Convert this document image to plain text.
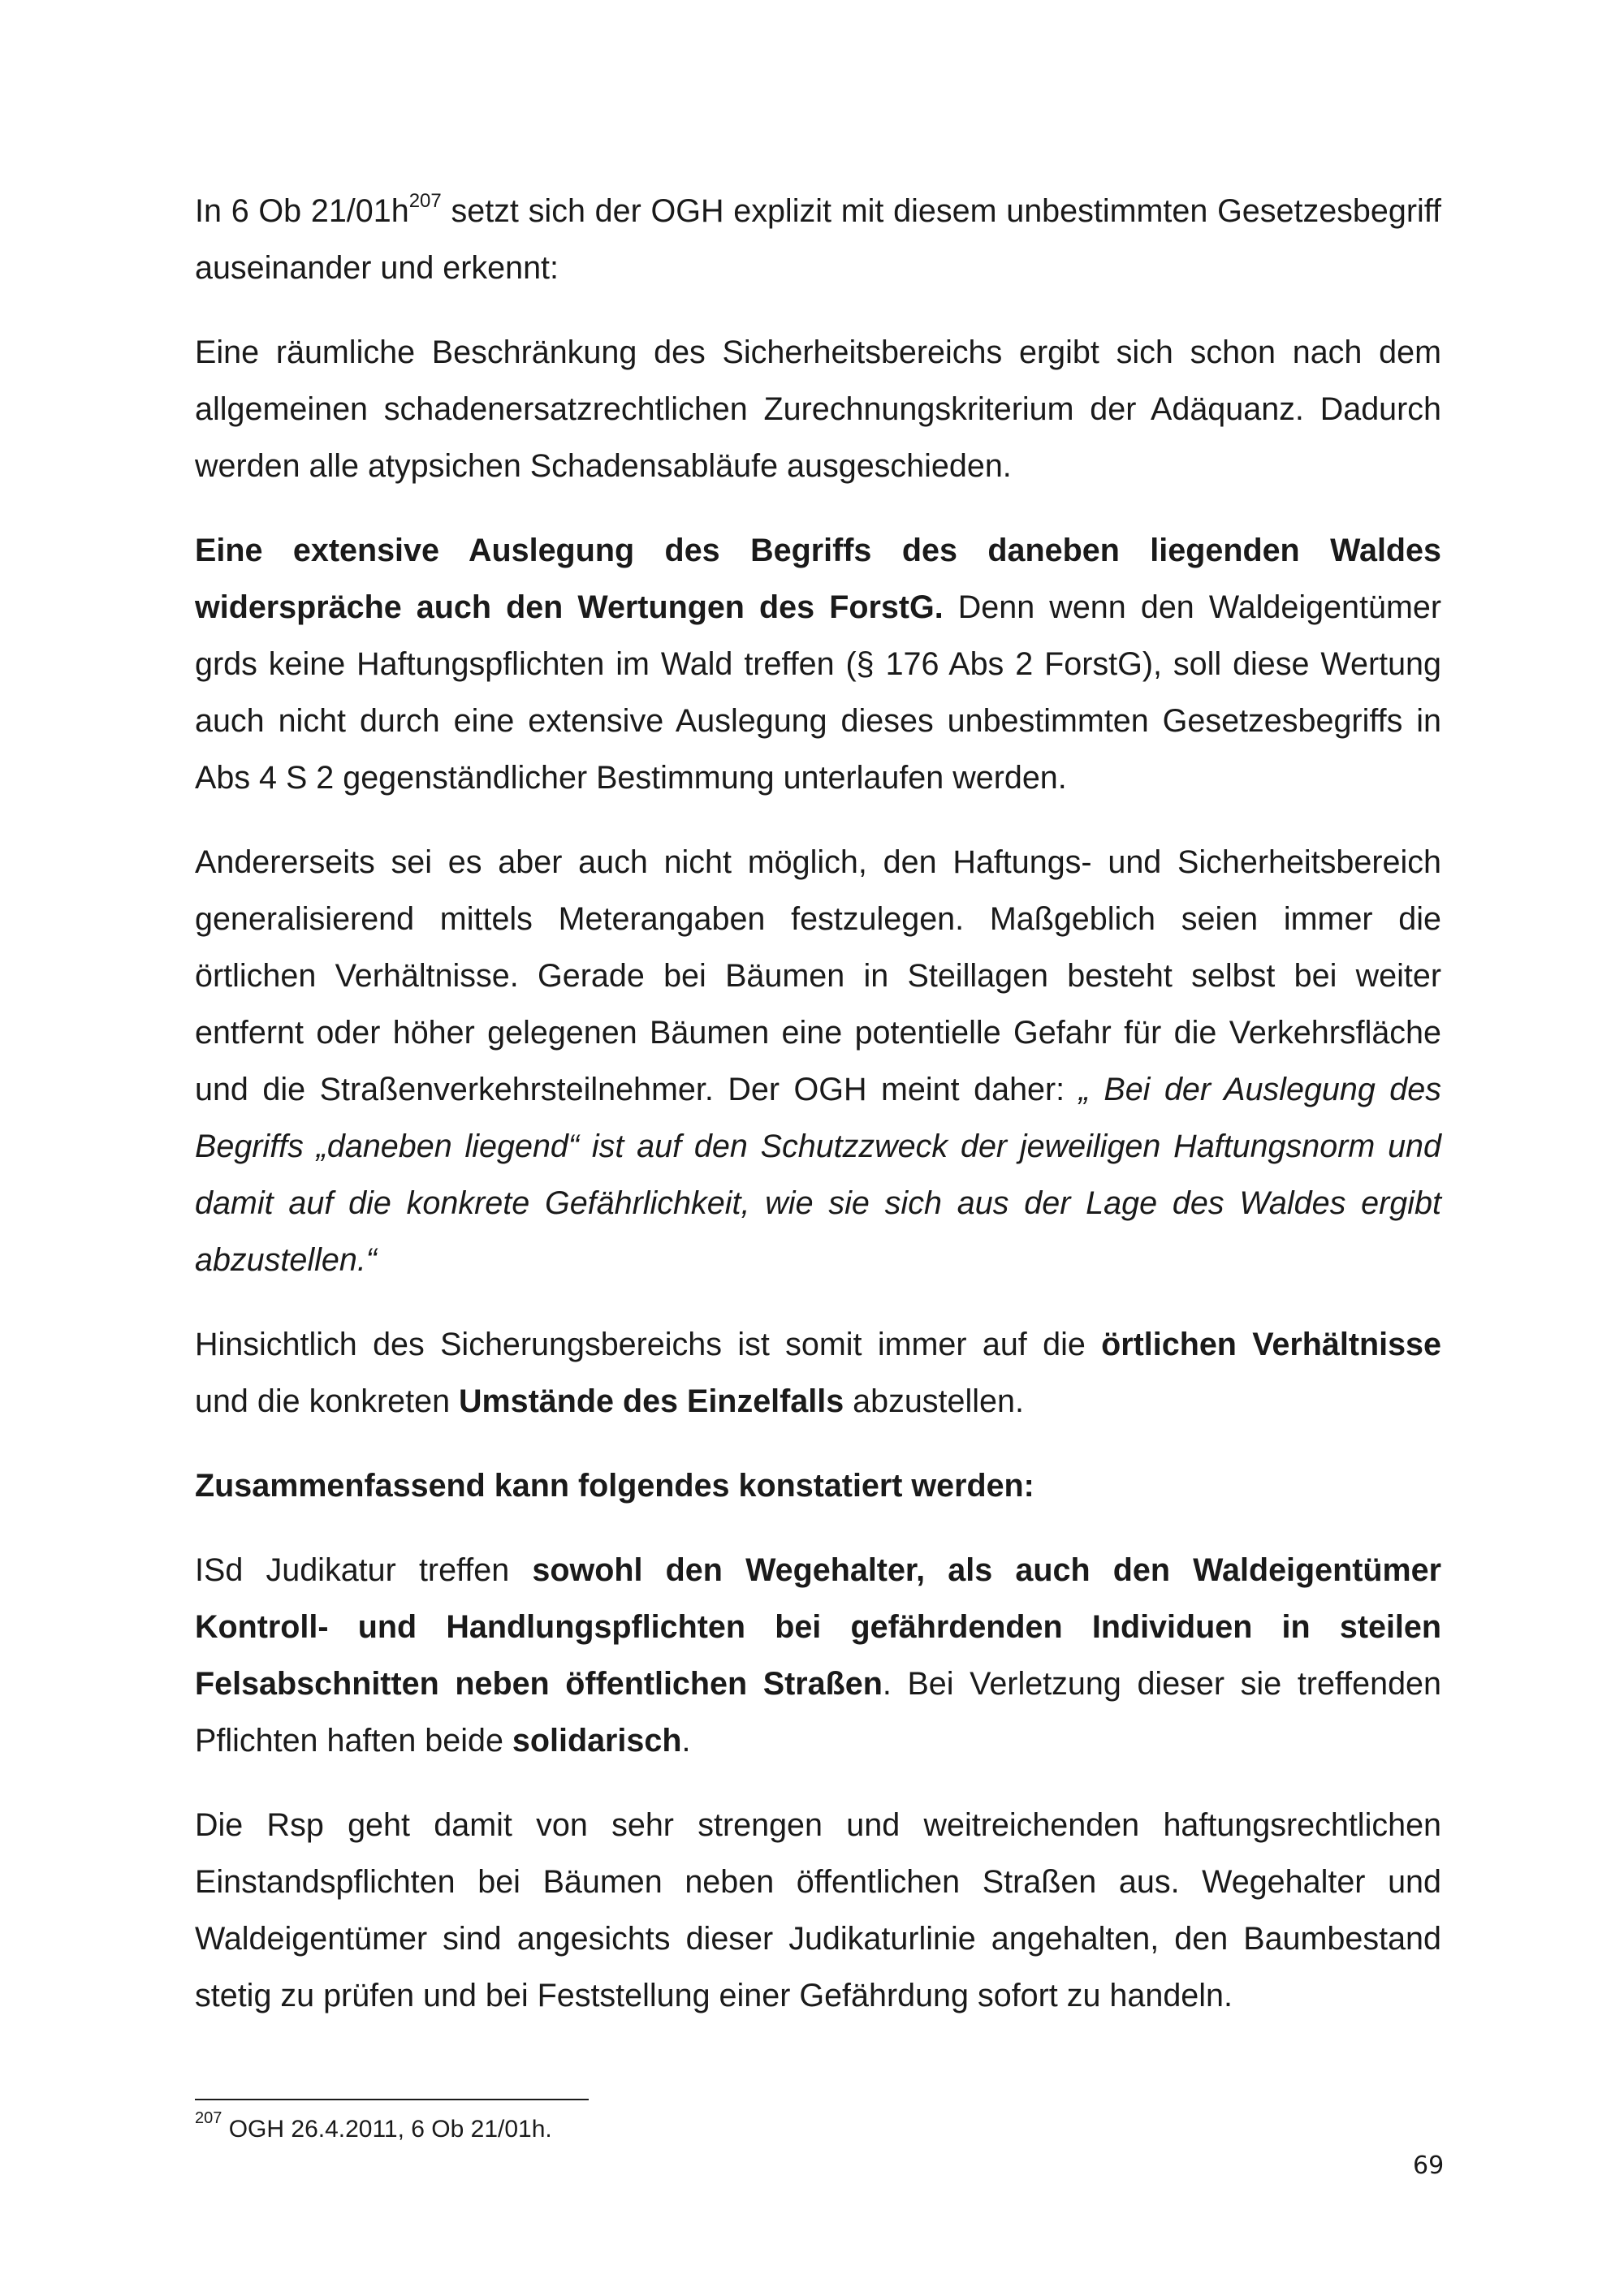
In 6 Ob $21/01h^{207}$ setzt sich der OGH explizit mit diesem unbestimmten Gesetzesbegriff auseinander und erkennt:

Eine räumliche Beschränkung des Sicherheitsbereichs ergibt sich schon nach dem allgemeinen schadenersatzrechtlichen Zurechnungskriterium der Adäquanz. Dadurch werden alle atypsichen Schadensabläufe ausgeschieden.

Eine extensive Auslegung des Begriffs des daneben liegenden Waldes widerspräche auch den Wertungen des ForstG. Denn wenn den Waldeigentümer grds keine Haftungspflichten im Wald treffen (§ 176 Abs 2 ForstG), soll diese Wertung auch nicht durch eine extensive Auslegung dieses unbestimmten Gesetzesbegriffs in Abs 4 S 2 gegenständlicher Bestimmung unterlaufen werden.

Andererseits sei es aber auch nicht möglich, den Haftungs- und Sicherheitsbereich generalisierend mittels Meterangaben festzulegen. Maßgeblich seien immer die örtlichen Verhältnisse. Gerade bei Bäumen in Steillagen besteht selbst bei weiter entfernt oder höher gelegenen Bäumen eine potentielle Gefahr für die Verkehrsfläche und die Straßenverkehrsteilnehmer. Der OGH meint daher: „ Bei der Auslegung des Begriffs „daneben liegend“ ist auf den Schutzzweck der jeweiligen Haftungsnorm und damit auf die konkrete Gefährlichkeit, wie sie sich aus der Lage des Waldes ergibt abzustellen.“

Hinsichtlich des Sicherungsbereichs ist somit immer auf die örtlichen Verhältnisse und die konkreten Umstände des Einzelfalls abzustellen.

Zusammenfassend kann folgendes konstatiert werden:

ISd Judikatur treffen sowohl den Wegehalter, als auch den Waldeigentümer Kontroll- und Handlungspflichten bei gefährdenden Individuen in steilen Felsabschnitten neben öffentlichen Straßen. Bei Verletzung dieser sie treffenden Pflichten haften beide solidarisch.

Die Rsp geht damit von sehr strengen und weitreichenden haftungsrechtlichen Einstandspflichten bei Bäumen neben öffentlichen Straßen aus. Wegehalter und Waldeigentümer sind angesichts dieser Judikaturlinie angehalten, den Baumbestand stetig zu prüfen und bei Feststellung einer Gefährdung sofort zu handeln.

$^{207}$ OGH 26.4.2011, 6 Ob 21/01h.
69
